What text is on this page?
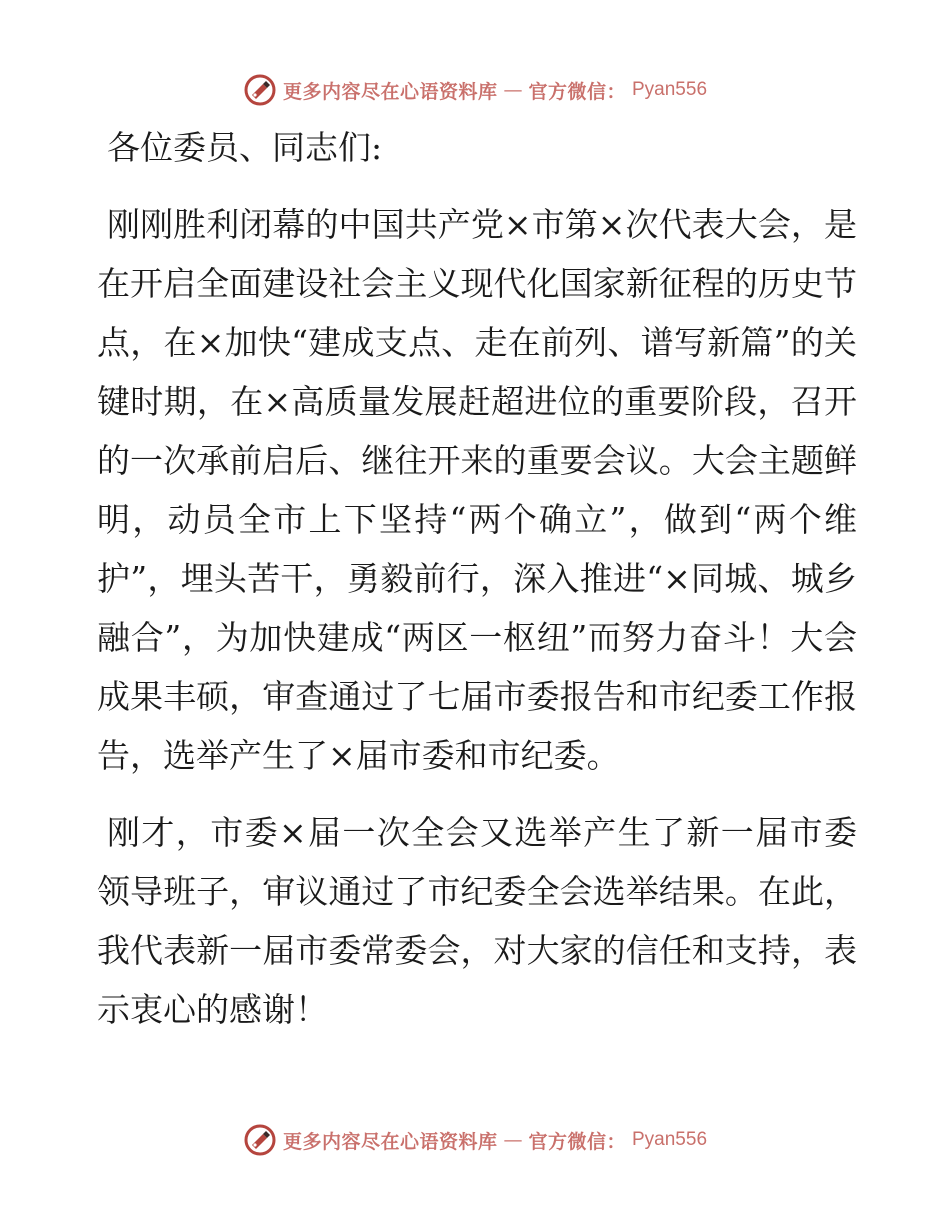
更多内容尽在心语资料库 — 官方微信： Pyan556

各位委员、同志们:

刚刚胜利闭幕的中国共产党×市第×次代表大会，是在开启全面建设社会主义现代化国家新征程的历史节点，在×加快“建成支点、走在前列、谱写新篇”的关键时期，在×高质量发展赶超进位的重要阶段，召开的一次承前启后、继往开来的重要会议。大会主题鲜明，动员全市上下坚持“两个确立”，做到“两个维护”，埋头苦干，勇毅前行，深入推进“×同城、城乡融合”，为加快建成“两区一枢纽”而努力奋斗！大会成果丰硕，审查通过了七届市委报告和市纪委工作报告，选举产生了×届市委和市纪委。

刚才，市委×届一次全会又选举产生了新一届市委领导班子，审议通过了市纪委全会选举结果。在此，我代表新一届市委常委会，对大家的信任和支持，表示衷心的感谢！

更多内容尽在心语资料库 — 官方微信： Pyan556
